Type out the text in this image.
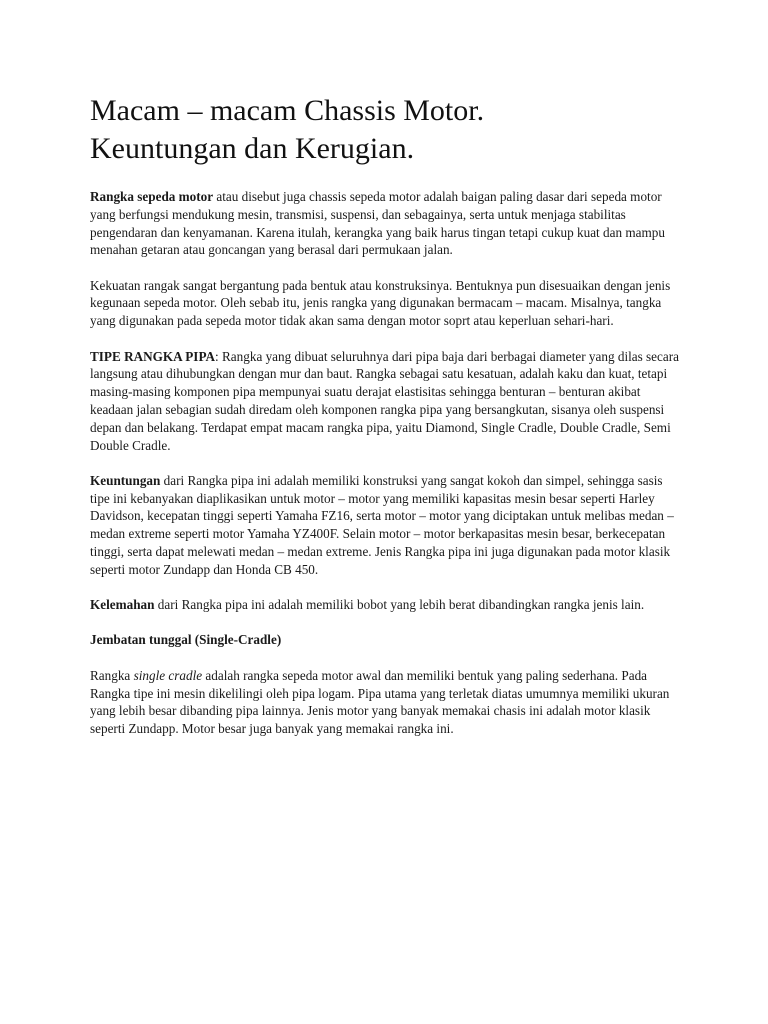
Macam – macam Chassis Motor.
Keuntungan dan Kerugian.

Rangka sepeda motor atau disebut juga chassis sepeda motor adalah baigan paling dasar dari sepeda motor yang berfungsi mendukung mesin, transmisi, suspensi, dan sebagainya, serta untuk menjaga stabilitas pengendaran dan kenyamanan. Karena itulah, kerangka yang baik harus tingan tetapi cukup kuat dan mampu menahan getaran atau goncangan yang berasal dari permukaan jalan.

Kekuatan rangak sangat bergantung pada bentuk atau konstruksinya. Bentuknya pun disesuaikan dengan jenis kegunaan sepeda motor. Oleh sebab itu, jenis rangka yang digunakan bermacam – macam. Misalnya, tangka yang digunakan pada sepeda motor tidak akan sama dengan motor soprt atau keperluan sehari-hari.

TIPE RANGKA PIPA: Rangka yang dibuat seluruhnya dari pipa baja dari berbagai diameter yang dilas secara langsung atau dihubungkan dengan mur dan baut. Rangka sebagai satu kesatuan, adalah kaku dan kuat, tetapi masing-masing komponen pipa mempunyai suatu derajat elastisitas sehingga benturan – benturan akibat keadaan jalan sebagian sudah diredam oleh komponen rangka pipa yang bersangkutan, sisanya oleh suspensi depan dan belakang. Terdapat empat macam rangka pipa, yaitu Diamond, Single Cradle, Double Cradle, Semi Double Cradle.

Keuntungan dari Rangka pipa ini adalah memiliki konstruksi yang sangat kokoh dan simpel, sehingga sasis tipe ini kebanyakan diaplikasikan untuk motor – motor yang memiliki kapasitas mesin besar seperti Harley Davidson, kecepatan tinggi seperti Yamaha FZ16, serta motor – motor yang diciptakan untuk melibas medan – medan extreme seperti motor Yamaha YZ400F. Selain motor – motor berkapasitas mesin besar, berkecepatan tinggi, serta dapat melewati medan – medan extreme. Jenis Rangka pipa ini juga digunakan pada motor klasik seperti motor Zundapp dan Honda CB 450.

Kelemahan dari Rangka pipa ini adalah memiliki bobot yang lebih berat dibandingkan rangka jenis lain.

Jembatan tunggal (Single-Cradle)

Rangka single cradle adalah rangka sepeda motor awal dan memiliki bentuk yang paling sederhana. Pada Rangka tipe ini mesin dikelilingi oleh pipa logam. Pipa utama yang terletak diatas umumnya memiliki ukuran yang lebih besar dibanding pipa lainnya. Jenis motor yang banyak memakai chasis ini adalah motor klasik seperti Zundapp. Motor besar juga banyak yang memakai rangka ini.
